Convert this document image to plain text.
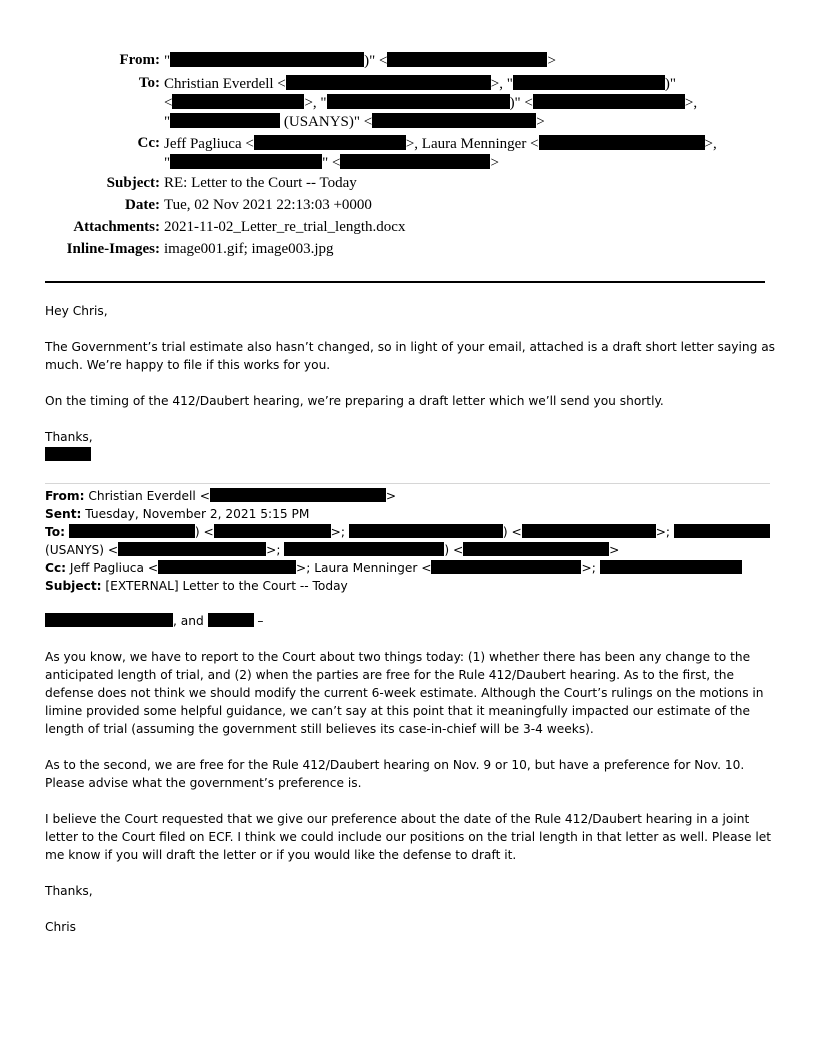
From: "	)" <	>
To: Christian Everdell <	>, "	)"
<	>, "	)" <	>,
"	(USANYS)" <	>
Cc: Jeff Pagliuca <	>, Laura Menninger <	>,
"	" <	>
Subject: RE: Letter to the Court -- Today
Date: Tue, 02 Nov 2021 22:13:03 +0000
Attachments: 2021-11-02_Letter_re_trial_length.docx
Inline-Images: image001.gif; image003.jpg

Hey Chris,

The Government’s trial estimate also hasn’t changed, so in light of your email, attached is a draft short letter saying as much. We’re happy to file if this works for you.

On the timing of the 412/Daubert hearing, we’re preparing a draft letter which we’ll send you shortly.

Thanks,

From: Christian Everdell <	>
Sent: Tuesday, November 2, 2021 5:15 PM
To:	) <	>;	) <	>;
(USANYS) <	>;	) <	>
Cc: Jeff Pagliuca <	>; Laura Menninger <	>;
Subject: [EXTERNAL] Letter to the Court -- Today

, and	–

As you know, we have to report to the Court about two things today: (1) whether there has been any change to the anticipated length of trial, and (2) when the parties are free for the Rule 412/Daubert hearing. As to the first, the defense does not think we should modify the current 6-week estimate. Although the Court’s rulings on the motions in limine provided some helpful guidance, we can’t say at this point that it meaningfully impacted our estimate of the length of trial (assuming the government still believes its case-in-chief will be 3-4 weeks).

As to the second, we are free for the Rule 412/Daubert hearing on Nov. 9 or 10, but have a preference for Nov. 10. Please advise what the government’s preference is.

I believe the Court requested that we give our preference about the date of the Rule 412/Daubert hearing in a joint letter to the Court filed on ECF. I think we could include our positions on the trial length in that letter as well. Please let me know if you will draft the letter or if you would like the defense to draft it.

Thanks,

Chris
